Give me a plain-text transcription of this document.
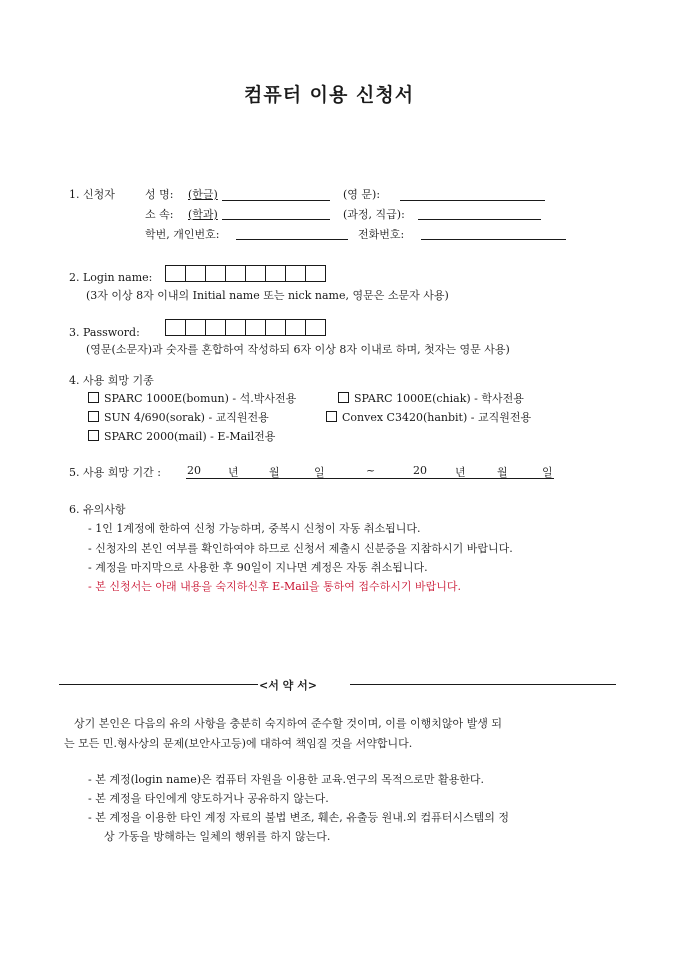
컴퓨터 이용 신청서
1. 신청자	성 명: (한글)	(영 문):
소 속: (학과)	(과정, 직급):
학번, 개인번호:	전화번호:
2. Login name:
(3자 이상 8자 이내의 Initial name 또는 nick name, 영문은 소문자 사용)
3. Password:
(영문(소문자)과 숫자를 혼합하여 작성하되 6자 이상 8자 이내로 하며, 첫자는 영문 사용)
4. 사용 희망 기종
SPARC 1000E(bomun) - 석.박사전용	SPARC 1000E(chiak) - 학사전용
SUN 4/690(sorak) - 교직원전용	Convex C3420(hanbit) - 교직원전용
SPARC 2000(mail) - E-Mail전용
5. 사용 희망 기간 : 20 년	월	일	~	20	년	월	일
6. 유의사항
- 1인 1계정에 한하여 신청 가능하며, 중복시 신청이 자동 취소됩니다.
- 신청자의 본인 여부를 확인하여야 하므로 신청서 제출시 신분증을 지참하시기 바랍니다.
- 계정을 마지막으로 사용한 후 90일이 지나면 계정은 자동 취소됩니다.
- 본 신청서는 아래 내용을 숙지하신후 E-Mail을 통하여 접수하시기 바랍니다.
<서 약 서>
상기 본인은 다음의 유의 사항을 충분히 숙지하여 준수할 것이며, 이를 이행치않아 발생 되
는 모든 민.형사상의 문제(보안사고등)에 대하여 책임질 것을 서약합니다.
- 본 계정(login name)은 컴퓨터 자원을 이용한 교육.연구의 목적으로만 활용한다.
- 본 계정을 타인에게 양도하거나 공유하지 않는다.
- 본 계정을 이용한 타인 계정 자료의 불법 변조, 훼손, 유출등 원내.외 컴퓨터시스템의 정
상 가동을 방해하는 일체의 행위를 하지 않는다.
